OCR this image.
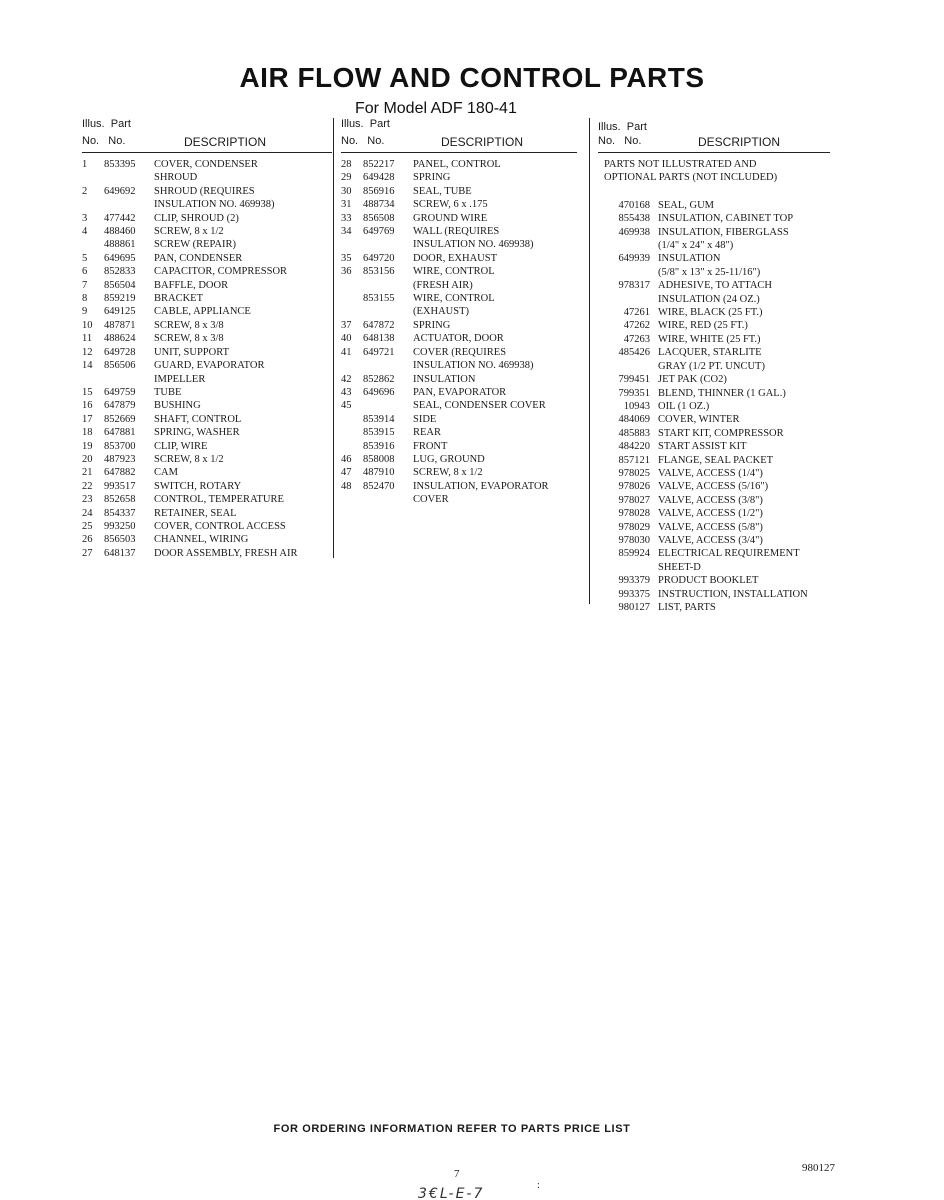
AIR FLOW AND CONTROL PARTS
For Model ADF 180-41
Illus. Part
No. No.	DESCRIPTION
1	853395	COVER, CONDENSER
SHROUD
2	649692	SHROUD (REQUIRES
INSULATION NO. 469938)
3	477442	CLIP, SHROUD (2)
4	488460	SCREW, 8 x 1/2
488861	SCREW (REPAIR)
5	649695	PAN, CONDENSER
6	852833	CAPACITOR, COMPRESSOR
7	856504	BAFFLE, DOOR
8	859219	BRACKET
9	649125	CABLE, APPLIANCE
10	487871	SCREW, 8 x 3/8
11	488624	SCREW, 8 x 3/8
12	649728	UNIT, SUPPORT
14	856506	GUARD, EVAPORATOR
IMPELLER
15	649759	TUBE
16	647879	BUSHING
17	852669	SHAFT, CONTROL
18	647881	SPRING, WASHER
19	853700	CLIP, WIRE
20	487923	SCREW, 8 x 1/2
21	647882	CAM
22	993517	SWITCH, ROTARY
23	852658	CONTROL, TEMPERATURE
24	854337	RETAINER, SEAL
25	993250	COVER, CONTROL ACCESS
26	856503	CHANNEL, WIRING
27	648137	DOOR ASSEMBLY, FRESH AIR
Illus. Part
No. No.	DESCRIPTION
28	852217	PANEL, CONTROL
29	649428	SPRING
30	856916	SEAL, TUBE
31	488734	SCREW, 6 x .175
33	856508	GROUND WIRE
34	649769	WALL (REQUIRES
INSULATION NO. 469938)
35	649720	DOOR, EXHAUST
36	853156	WIRE, CONTROL
(FRESH AIR)
853155	WIRE, CONTROL
(EXHAUST)
37	647872	SPRING
40	648138	ACTUATOR, DOOR
41	649721	COVER (REQUIRES
INSULATION NO. 469938)
42	852862	INSULATION
43	649696	PAN, EVAPORATOR
45	SEAL, CONDENSER COVER
853914	SIDE
853915	REAR
853916	FRONT
46	858008	LUG, GROUND
47	487910	SCREW, 8 x 1/2
48	852470	INSULATION, EVAPORATOR
COVER
Illus. Part
No. No.	DESCRIPTION
PARTS NOT ILLUSTRATED AND
OPTIONAL PARTS (NOT INCLUDED)
470168 SEAL, GUM
855438 INSULATION, CABINET TOP
469938 INSULATION, FIBERGLASS
(1/4" x 24" x 48")
649939 INSULATION
(5/8" x 13" x 25-11/16")
978317 ADHESIVE, TO ATTACH
INSULATION (24 OZ.)
47261 WIRE, BLACK (25 FT.)
47262 WIRE, RED (25 FT.)
47263 WIRE, WHITE (25 FT.)
485426 LACQUER, STARLITE
GRAY (1/2 PT. UNCUT)
799451 JET PAK (CO2)
799351 BLEND, THINNER (1 GAL.)
10943 OIL (1 OZ.)
484069 COVER, WINTER
485883 START KIT, COMPRESSOR
484220 START ASSIST KIT
857121 FLANGE, SEAL PACKET
978025 VALVE, ACCESS (1/4")
978026 VALVE, ACCESS (5/16")
978027 VALVE, ACCESS (3/8")
978028 VALVE, ACCESS (1/2")
978029 VALVE, ACCESS (5/8")
978030 VALVE, ACCESS (3/4")
859924 ELECTRICAL REQUIREMENT
SHEET-D
993379 PRODUCT BOOKLET
993375 INSTRUCTION, INSTALLATION
980127 LIST, PARTS
FOR ORDERING INFORMATION REFER TO PARTS PRICE LIST
7	980127
:
3€L-E-7
